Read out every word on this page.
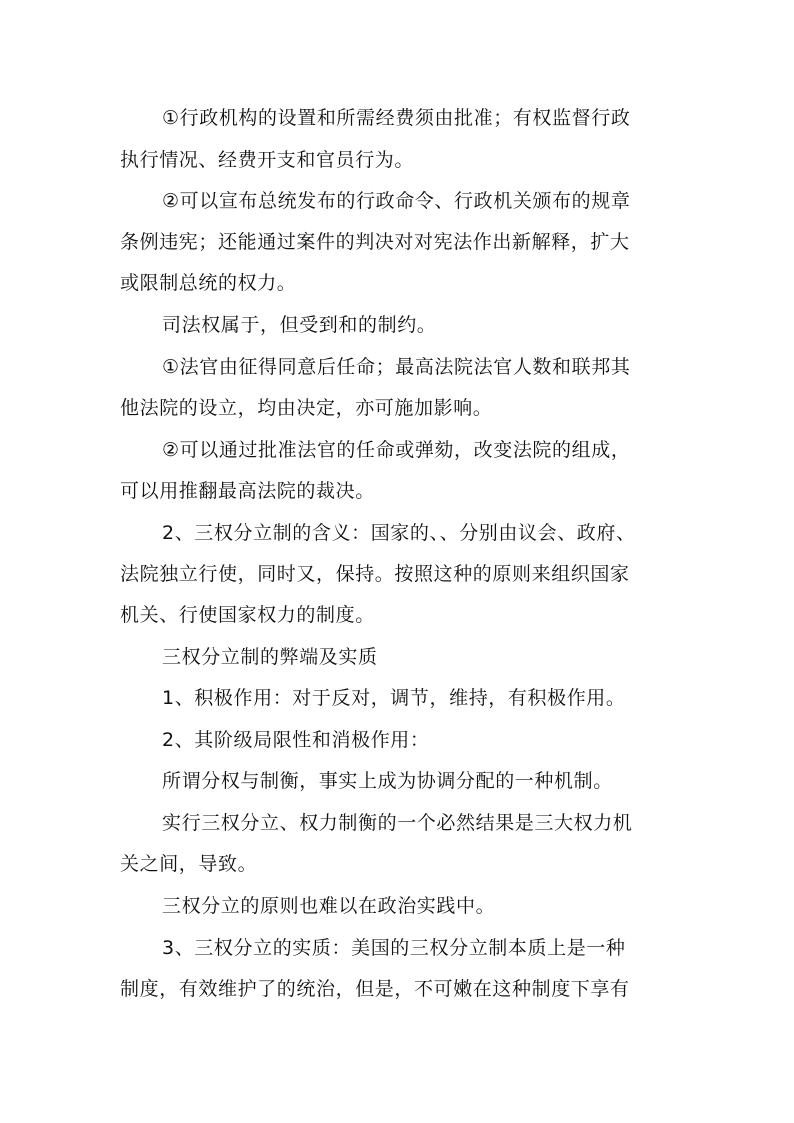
①行政机构的设置和所需经费须由批准；有权监督行政
执行情况、经费开支和官员行为。
②可以宣布总统发布的行政命令、行政机关颁布的规章
条例违宪；还能通过案件的判决对对宪法作出新解释，扩大
或限制总统的权力。
司法权属于，但受到和的制约。
①法官由征得同意后任命；最高法院法官人数和联邦其
他法院的设立，均由决定，亦可施加影响。
②可以通过批准法官的任命或弹劾，改变法院的组成，
可以用推翻最高法院的裁决。
2、三权分立制的含义：国家的、、分别由议会、政府、
法院独立行使，同时又，保持。按照这种的原则来组织国家
机关、行使国家权力的制度。
三权分立制的弊端及实质
1、积极作用：对于反对，调节，维持，有积极作用。
2、其阶级局限性和消极作用：
所谓分权与制衡，事实上成为协调分配的一种机制。
实行三权分立、权力制衡的一个必然结果是三大权力机
关之间，导致。
三权分立的原则也难以在政治实践中。
3、三权分立的实质：美国的三权分立制本质上是一种
制度，有效维护了的统治，但是，不可嫩在这种制度下享有
